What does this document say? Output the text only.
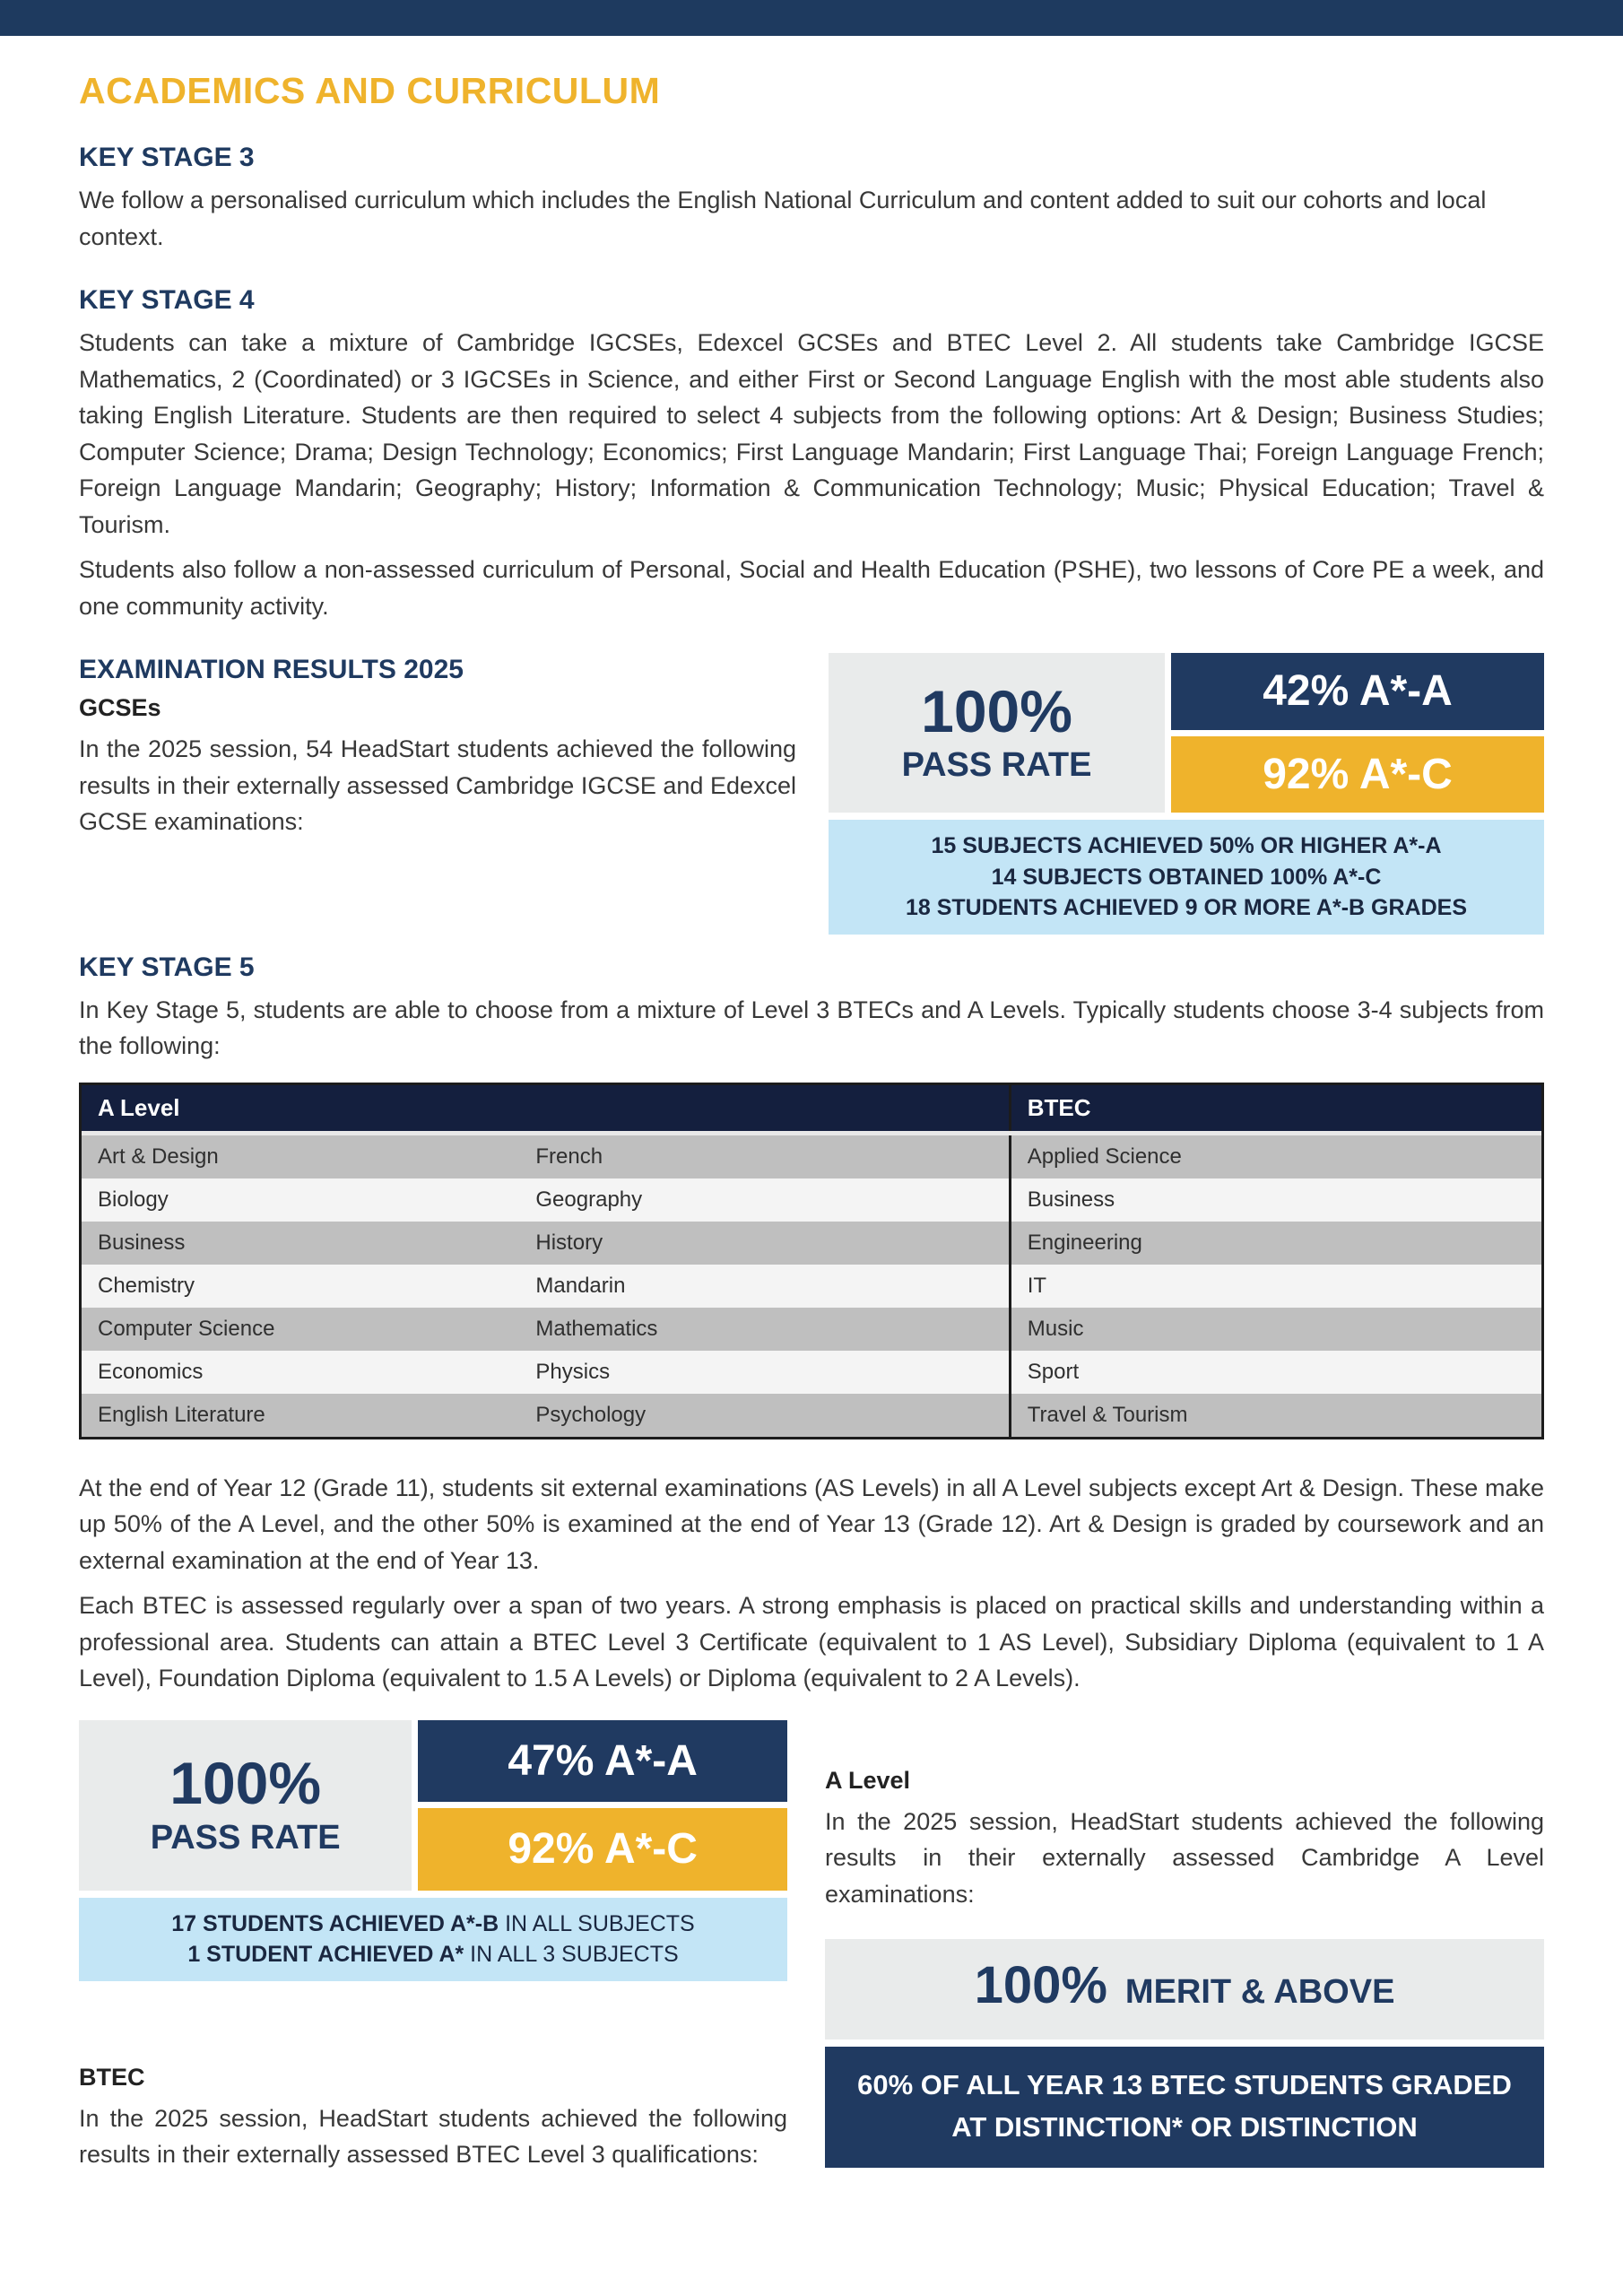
ACADEMICS AND CURRICULUM
KEY STAGE 3

We follow a personalised curriculum which includes the English National Curriculum and content added to suit our cohorts and local context.

KEY STAGE 4

Students can take a mixture of Cambridge IGCSEs, Edexcel GCSEs and BTEC Level 2. All students take Cambridge IGCSE Mathematics, 2 (Coordinated) or 3 IGCSEs in Science, and either First or Second Language English with the most able students also taking English Literature. Students are then required to select 4 subjects from the following options: Art & Design; Business Studies; Computer Science; Drama; Design Technology; Economics; First Language Mandarin; First Language Thai; Foreign Language French; Foreign Language Mandarin; Geography; History; Information & Communication Technology; Music; Physical Education; Travel & Tourism.

Students also follow a non-assessed curriculum of Personal, Social and Health Education (PSHE), two lessons of Core PE a week, and one community activity.

EXAMINATION RESULTS 2025
GCSEs

In the 2025 session, 54 HeadStart students achieved the following results in their externally assessed Cambridge IGCSE and Edexcel GCSE examinations:

100%
PASS RATE
42% A*-A
92% A*-C
15 SUBJECTS ACHIEVED 50% OR HIGHER A*-A
14 SUBJECTS OBTAINED 100% A*-C
18 STUDENTS ACHIEVED 9 OR MORE A*-B GRADES
KEY STAGE 5

In Key Stage 5, students are able to choose from a mixture of Level 3 BTECs and A Levels. Typically students choose 3-4 subjects from the following:

A Level	BTEC
Art & Design	French	Applied Science
Biology	Geography	Business
Business	History	Engineering
Chemistry	Mandarin	IT
Computer Science	Mathematics	Music
Economics	Physics	Sport
English Literature	Psychology	Travel & Tourism

At the end of Year 12 (Grade 11), students sit external examinations (AS Levels) in all A Level subjects except Art & Design. These make up 50% of the A Level, and the other 50% is examined at the end of Year 13 (Grade 12). Art & Design is graded by coursework and an external examination at the end of Year 13.

Each BTEC is assessed regularly over a span of two years. A strong emphasis is placed on practical skills and understanding within a professional area. Students can attain a BTEC Level 3 Certificate (equivalent to 1 AS Level), Subsidiary Diploma (equivalent to 1 A Level), Foundation Diploma (equivalent to 1.5 A Levels) or Diploma (equivalent to 2 A Levels).

100%
PASS RATE
47% A*-A
92% A*-C
17 STUDENTS ACHIEVED A*-B IN ALL SUBJECTS
1 STUDENT ACHIEVED A* IN ALL 3 SUBJECTS
BTEC

In the 2025 session, HeadStart students achieved the following results in their externally assessed BTEC Level 3 qualifications:

A Level

In the 2025 session, HeadStart students achieved the following results in their externally assessed Cambridge A Level examinations:

100% MERIT & ABOVE
60% OF ALL YEAR 13 BTEC STUDENTS GRADED
AT DISTINCTION* OR DISTINCTION
